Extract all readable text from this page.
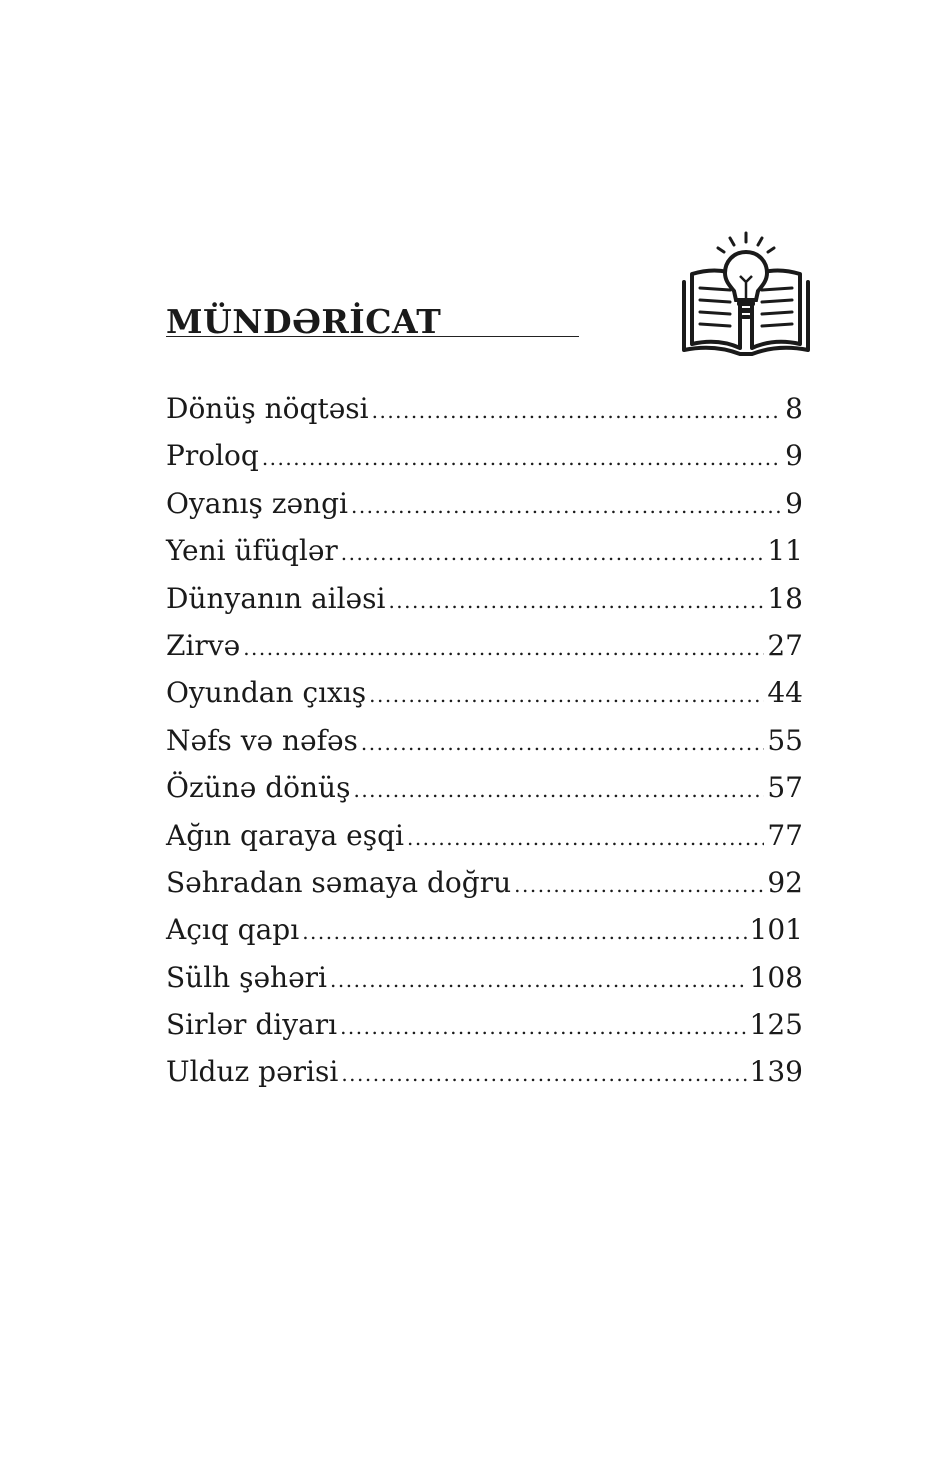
MÜNDƏRİCAT
Dönüş nöqtəsi .....	8
Proloq .....	9
Oyanış zəngi .....	9
Yeni üfüqlər .....	11
Dünyanın ailəsi .....	18
Zirvə .....	27
Oyundan çıxış .....	44
Nəfs və nəfəs .....	55
Özünə dönüş .....	57
Ağın qaraya eşqi .....	77
Səhradan səmaya doğru .....	92
Açıq qapı .....	101
Sülh şəhəri .....	108
Sirlər diyarı .....	125
Ulduz pərisi .....	139
